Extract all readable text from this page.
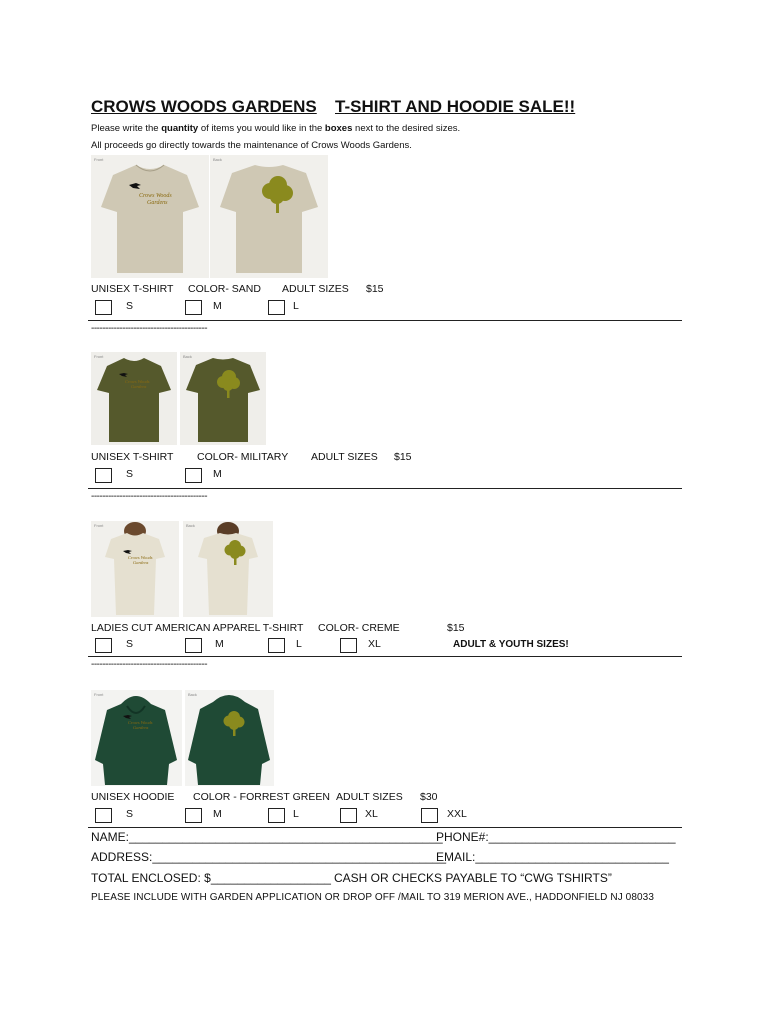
CROWS WOODS GARDENS T-SHIRT AND HOODIE SALE!!
Please write the quantity of items you would like in the boxes next to the desired sizes.
All proceeds go directly towards the maintenance of Crows Woods Gardens.
Front
Crows Woods
Gardens
Back
UNISEX T-SHIRT COLOR- SAND ADULT SIZES $15
S	M	L
-----------------------------------------
Front
Crows Woods
Gardens
Back
UNISEX T-SHIRT COLOR- MILITARY ADULT SIZES $15
S	M
-----------------------------------------
Front
Crows Woods
Gardens
Back
LADIES CUT AMERICAN APPAREL T-SHIRT COLOR- CREME	$15
S	M	L	XL	ADULT & YOUTH SIZES!
-----------------------------------------
Front
Crows Woods
Gardens
Back
UNISEX HOODIE COLOR - FORREST GREEN ADULT SIZES $30
S	M	L	XL	XXL
NAME:_______________________________________________
PHONE#:____________________________
ADDRESS:____________________________________________
EMAIL:_____________________________
TOTAL ENCLOSED: $__________________ CASH OR CHECKS PAYABLE TO “CWG TSHIRTS”
PLEASE INCLUDE WITH GARDEN APPLICATION OR DROP OFF /MAIL TO 319 MERION AVE., HADDONFIELD NJ 08033
